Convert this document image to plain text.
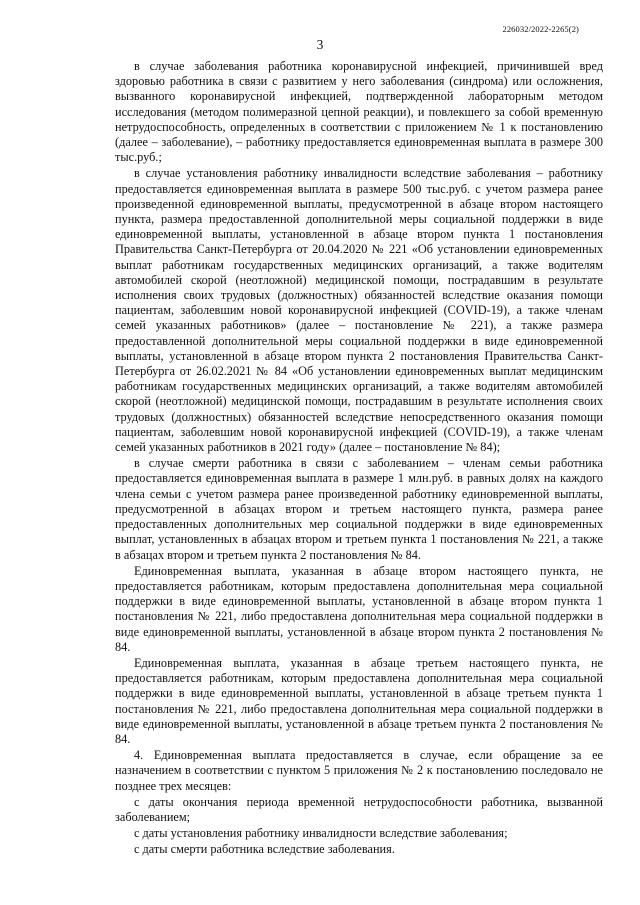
226032/2022-2265(2)
3

в случае заболевания работника коронавирусной инфекцией, причинившей вред здоровью работника в связи с развитием у него заболевания (синдрома) или осложнения, вызванного коронавирусной инфекцией, подтвержденной лабораторным методом исследования (методом полимеразной цепной реакции), и повлекшего за собой временную нетрудоспособность, определенных в соответствии с приложением № 1 к постановлению (далее – заболевание), – работнику предоставляется единовременная выплата в размере 300 тыс.руб.;

в случае установления работнику инвалидности вследствие заболевания – работнику предоставляется единовременная выплата в размере 500 тыс.руб. с учетом размера ранее произведенной единовременной выплаты, предусмотренной в абзаце втором настоящего пункта, размера предоставленной дополнительной меры социальной поддержки в виде единовременной выплаты, установленной в абзаце втором пункта 1 постановления Правительства Санкт-Петербурга от 20.04.2020 № 221 «Об установлении единовременных выплат работникам государственных медицинских организаций, а также водителям автомобилей скорой (неотложной) медицинской помощи, пострадавшим в результате исполнения своих трудовых (должностных) обязанностей вследствие оказания помощи пациентам, заболевшим новой коронавирусной инфекцией (COVID-19), а также членам семей указанных работников» (далее – постановление № 221), а также размера предоставленной дополнительной меры социальной поддержки в виде единовременной выплаты, установленной в абзаце втором пункта 2 постановления Правительства Санкт-Петербурга от 26.02.2021 № 84 «Об установлении единовременных выплат медицинским работникам государственных медицинских организаций, а также водителям автомобилей скорой (неотложной) медицинской помощи, пострадавшим в результате исполнения своих трудовых (должностных) обязанностей вследствие непосредственного оказания помощи пациентам, заболевшим новой коронавирусной инфекцией (COVID-19), а также членам семей указанных работников в 2021 году» (далее – постановление № 84);

в случае смерти работника в связи с заболеванием – членам семьи работника предоставляется единовременная выплата в размере 1 млн.руб. в равных долях на каждого члена семьи с учетом размера ранее произведенной работнику единовременной выплаты, предусмотренной в абзацах втором и третьем настоящего пункта, размера ранее предоставленных дополнительных мер социальной поддержки в виде единовременных выплат, установленных в абзацах втором и третьем пункта 1 постановления № 221, а также в абзацах втором и третьем пункта 2 постановления № 84.

Единовременная выплата, указанная в абзаце втором настоящего пункта, не предоставляется работникам, которым предоставлена дополнительная мера социальной поддержки в виде единовременной выплаты, установленной в абзаце втором пункта 1 постановления № 221, либо предоставлена дополнительная мера социальной поддержки в виде единовременной выплаты, установленной в абзаце втором пункта 2 постановления № 84.

Единовременная выплата, указанная в абзаце третьем настоящего пункта, не предоставляется работникам, которым предоставлена дополнительная мера социальной поддержки в виде единовременной выплаты, установленной в абзаце третьем пункта 1 постановления № 221, либо предоставлена дополнительная мера социальной поддержки в виде единовременной выплаты, установленной в абзаце третьем пункта 2 постановления № 84.

4. Единовременная выплата предоставляется в случае, если обращение за ее назначением в соответствии с пунктом 5 приложения № 2 к постановлению последовало не позднее трех месяцев:

с даты окончания периода временной нетрудоспособности работника, вызванной заболеванием;

с даты установления работнику инвалидности вследствие заболевания;

с даты смерти работника вследствие заболевания.
